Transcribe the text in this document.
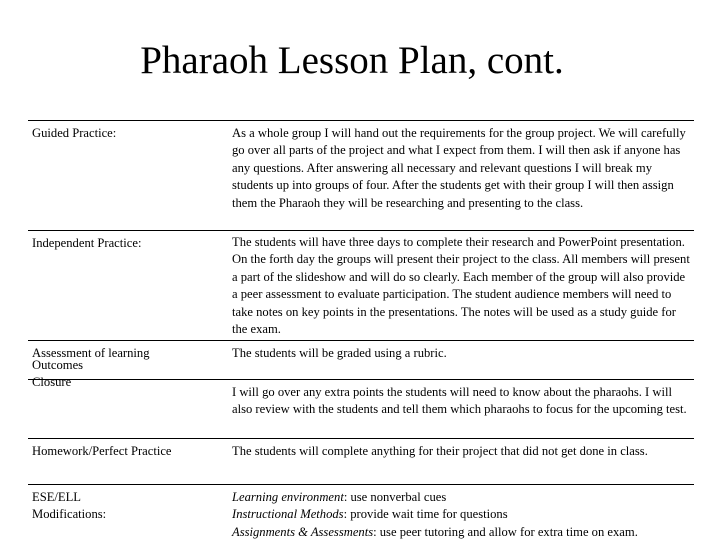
Pharaoh Lesson Plan, cont.
Guided Practice:	As a whole group I will hand out the requirements for the group project. We will carefully go over all parts of the project and what I expect from them. I will then ask if anyone has any questions. After answering all necessary and relevant questions I will break my students up into groups of four. After the students get with their group I will then assign them the Pharaoh they will be researching and presenting to the class.
Independent Practice:	The students will have three days to complete their research and PowerPoint presentation. On the forth day the groups will present their project to the class. All members will present a part of the slideshow and will do so clearly. Each member of the group will also provide a peer assessment to evaluate participation. The student audience members will need to take notes on key points in the presentations. The notes will be used as a study guide for the exam.

Assessment of learning
Outcomes	The students will be graded using a rubric.

Closure	I will go over any extra points the students will need to know about the pharaohs. I will also review with the students and tell them which pharaohs to focus for the upcoming test.
Homework/Perfect Practice	The students will complete anything for their project that did not get done in class.
ESE/ELL
Modifications:	Learning environment: use nonverbal cues
Instructional Methods: provide wait time for questions
Assignments & Assessments: use peer tutoring and allow for extra time on exam.
